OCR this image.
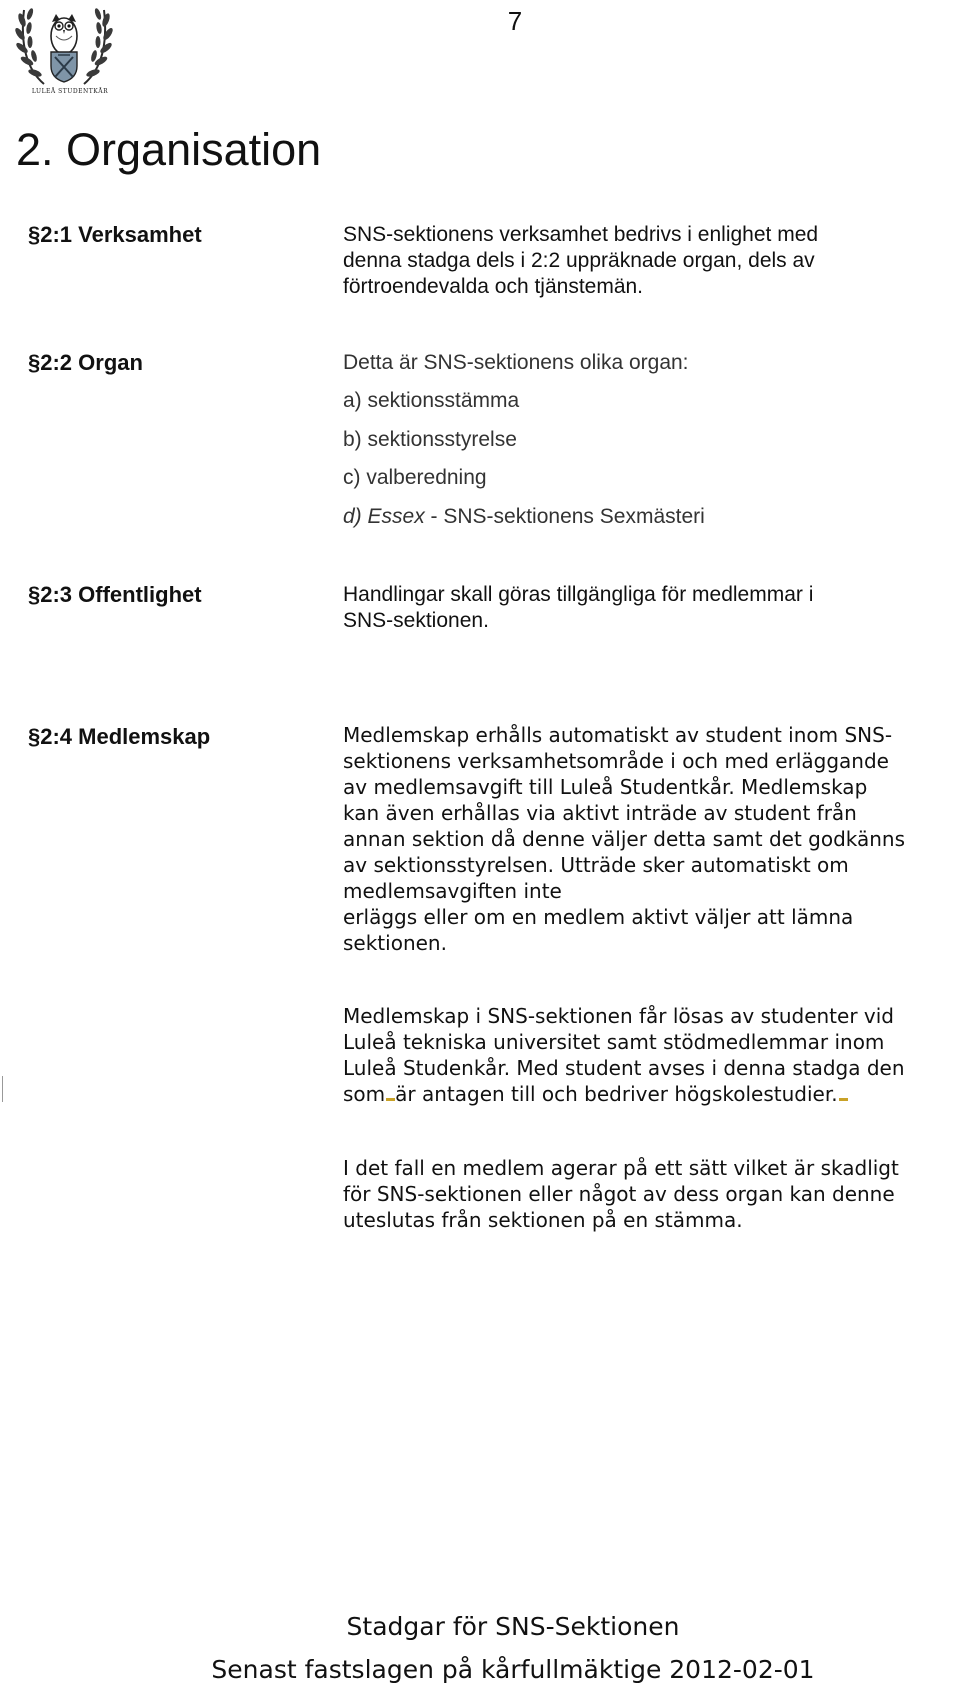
7
LULEÅ STUDENTKÅR
2. Organisation
§2:1 Verksamhet	SNS-sektionens verksamhet bedrivs i enlighet med
denna stadga dels i 2:2 uppräknade organ, dels av
förtroendevalda och tjänstemän.
§2:2 Organ	Detta är SNS-sektionens olika organ:
a) sektionsstämma
b) sektionsstyrelse
c) valberedning
d) Essex - SNS-sektionens Sexmästeri
§2:3 Offentlighet	Handlingar skall göras tillgängliga för medlemmar i
SNS-sektionen.
§2:4 Medlemskap	Medlemskap erhålls automatiskt av student inom SNS-
sektionens verksamhetsområde i och med erläggande
av medlemsavgift till Luleå Studentkår. Medlemskap
kan även erhållas via aktivt inträde av student från
annan sektion då denne väljer detta samt det godkänns
av sektionsstyrelsen. Utträde sker automatiskt om
medlemsavgiften inte
erläggs eller om en medlem aktivt väljer att lämna
sektionen.
Medlemskap i SNS-sektionen får lösas av studenter vid
Luleå tekniska universitet samt stödmedlemmar inom
Luleå Studenkår. Med student avses i denna stadga den
som är antagen till och bedriver högskolestudier.
I det fall en medlem agerar på ett sätt vilket är skadligt
för SNS-sektionen eller något av dess organ kan denne
uteslutas från sektionen på en stämma.
Stadgar för SNS-Sektionen
Senast fastslagen på kårfullmäktige 2012-02-01
